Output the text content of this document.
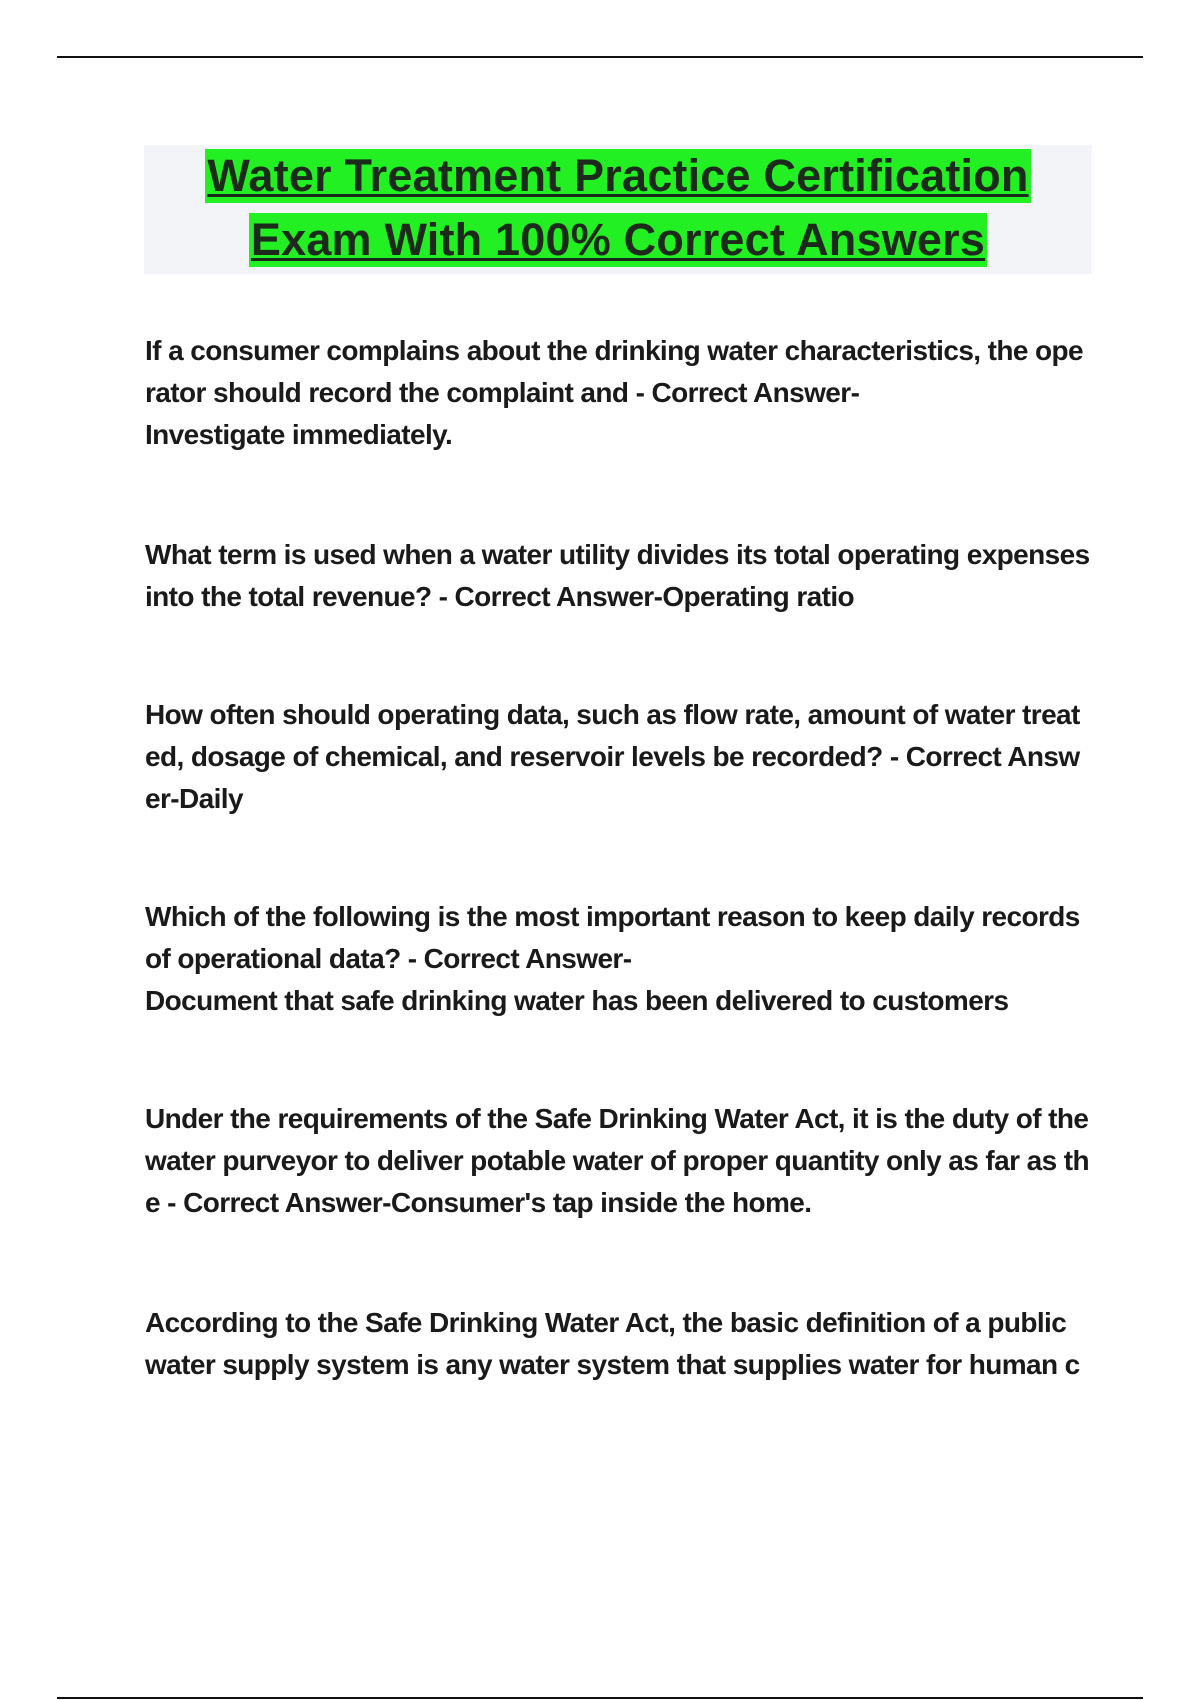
Water Treatment Practice Certification
Exam With 100% Correct Answers
If a consumer complains about the drinking water characteristics, the operator should record the complaint and - Correct Answer-
Investigate immediately.
What term is used when a water utility divides its total operating expenses into the total revenue? - Correct Answer-Operating ratio
How often should operating data, such as flow rate, amount of water treated, dosage of chemical, and reservoir levels be recorded? - Correct Answer-Daily
Which of the following is the most important reason to keep daily records of operational data? - Correct Answer-
Document that safe drinking water has been delivered to customers
Under the requirements of the Safe Drinking Water Act, it is the duty of the water purveyor to deliver potable water of proper quantity only as far as the - Correct Answer-Consumer's tap inside the home.
According to the Safe Drinking Water Act, the basic definition of a public water supply system is any water system that supplies water for human c
